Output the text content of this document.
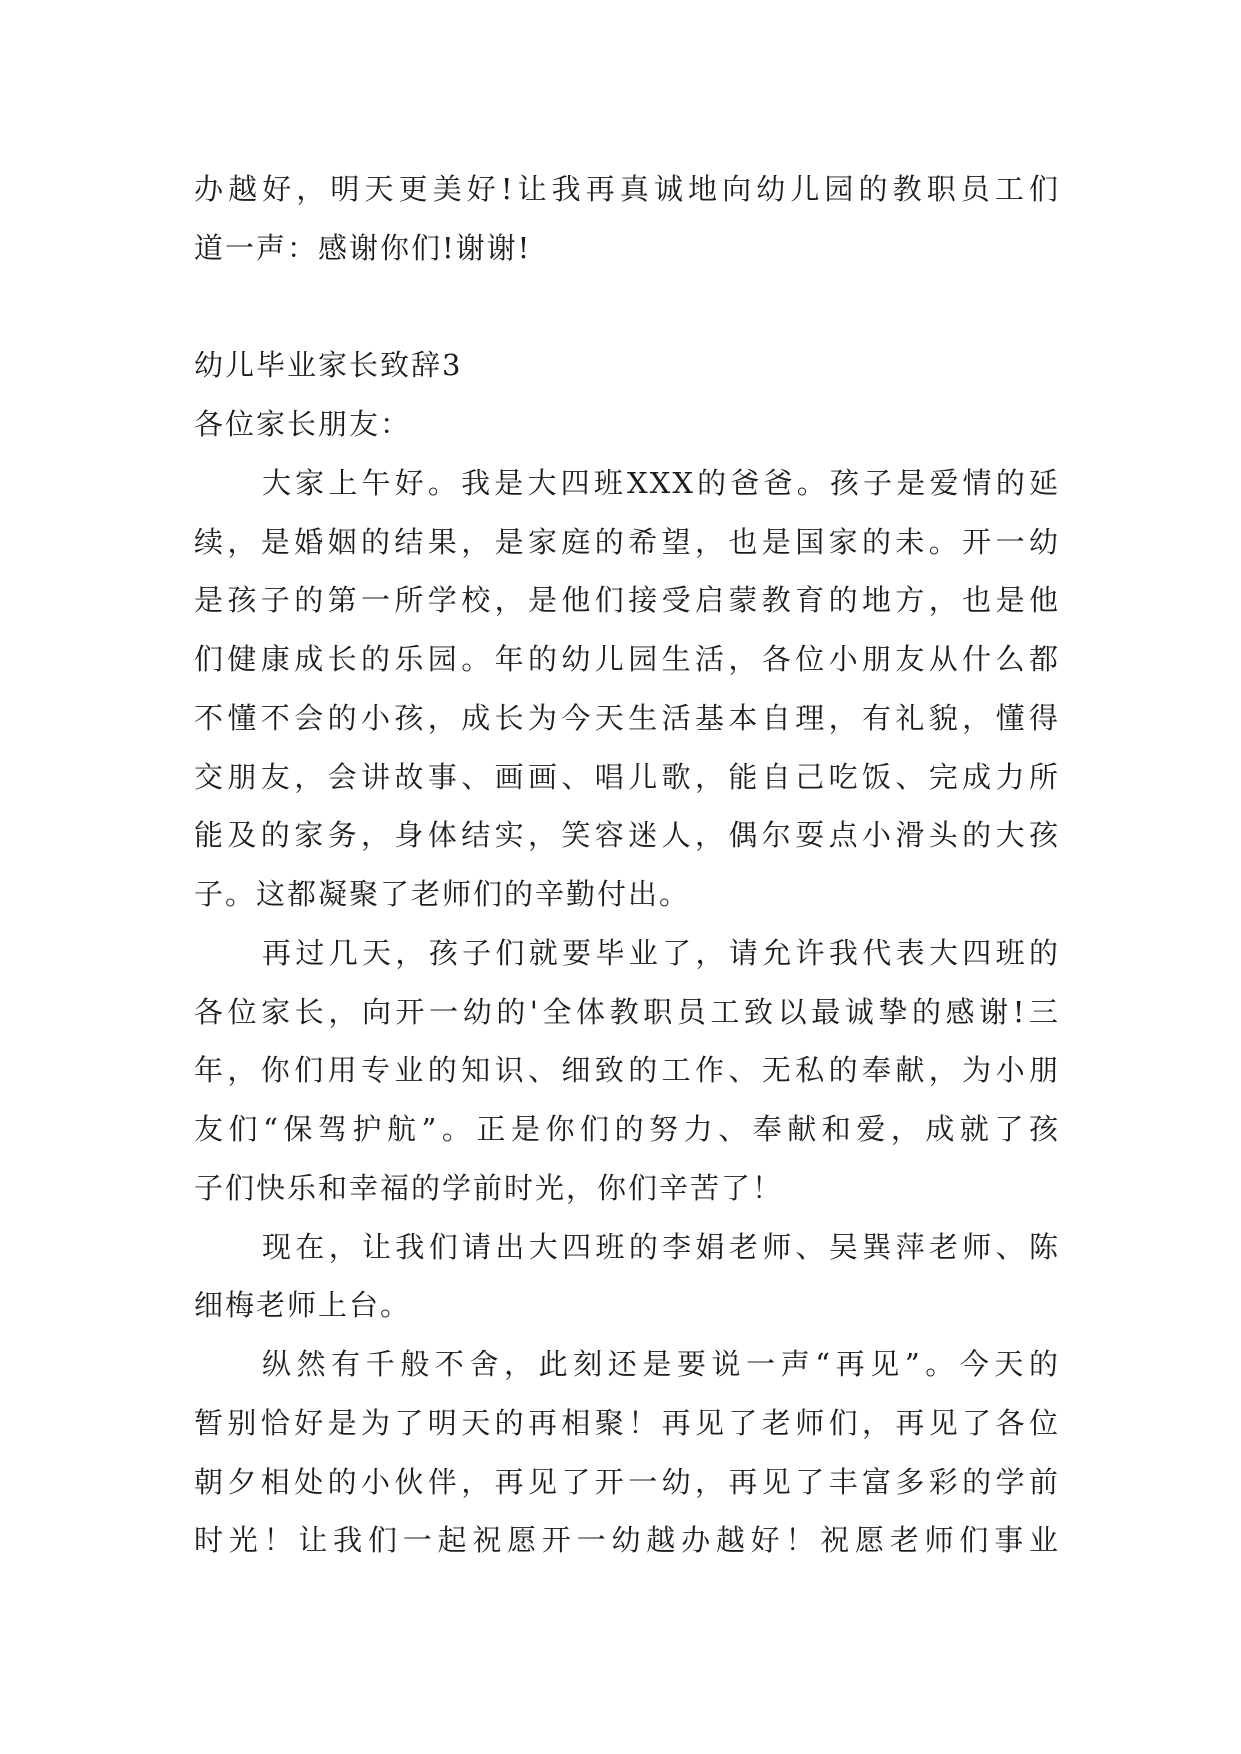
办越好，明天更美好!让我再真诚地向幼儿园的教职员工们
道一声：感谢你们!谢谢!
幼儿毕业家长致辞3
各位家长朋友：
大家上午好。我是大四班XXX的爸爸。孩子是爱情的延
续，是婚姻的结果，是家庭的希望，也是国家的未。开一幼
是孩子的第一所学校，是他们接受启蒙教育的地方，也是他
们健康成长的乐园。年的幼儿园生活，各位小朋友从什么都
不懂不会的小孩，成长为今天生活基本自理，有礼貌，懂得
交朋友，会讲故事、画画、唱儿歌，能自己吃饭、完成力所
能及的家务，身体结实，笑容迷人，偶尔耍点小滑头的大孩
子。这都凝聚了老师们的辛勤付出。
再过几天，孩子们就要毕业了，请允许我代表大四班的
各位家长，向开一幼的'全体教职员工致以最诚挚的感谢!三
年，你们用专业的知识、细致的工作、无私的奉献，为小朋
友们“保驾护航”。正是你们的努力、奉献和爱，成就了孩
子们快乐和幸福的学前时光，你们辛苦了！
现在，让我们请出大四班的李娟老师、吴巽萍老师、陈
细梅老师上台。
纵然有千般不舍，此刻还是要说一声“再见”。今天的
暂别恰好是为了明天的再相聚！再见了老师们，再见了各位
朝夕相处的小伙伴，再见了开一幼，再见了丰富多彩的学前
时光！让我们一起祝愿开一幼越办越好！祝愿老师们事业
